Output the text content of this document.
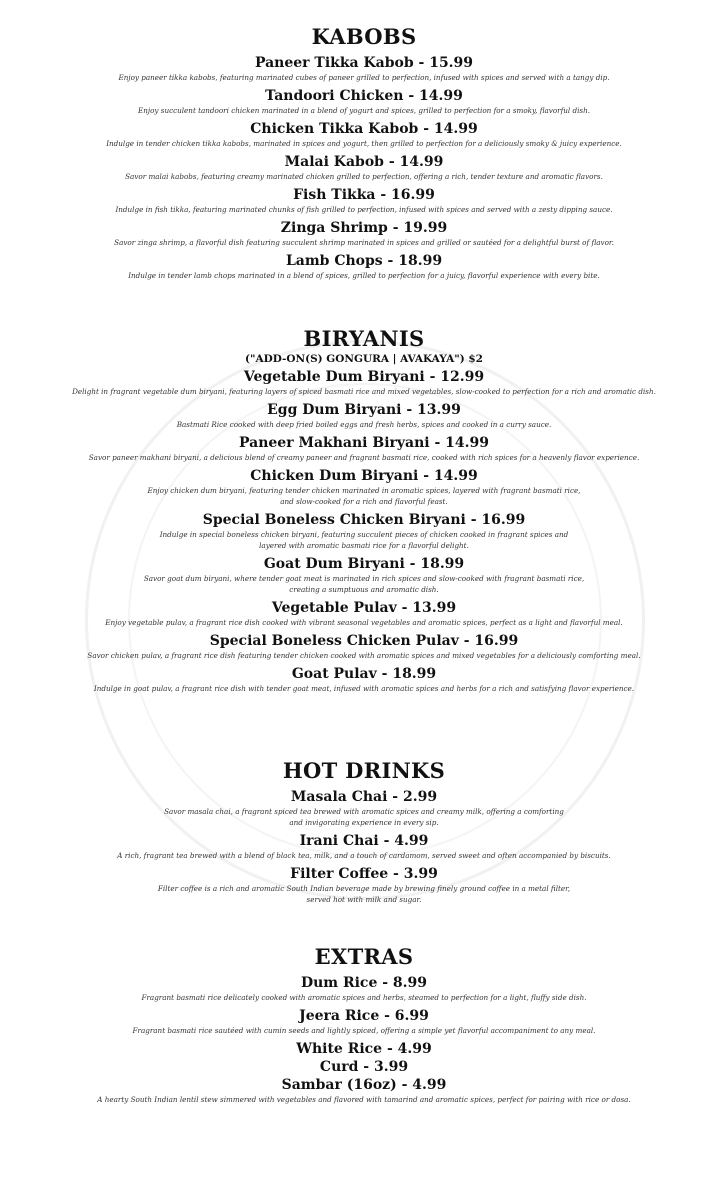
KABOBS
Paneer Tikka Kabob - 15.99
Enjoy paneer tikka kabobs, featuring marinated cubes of paneer grilled to perfection, infused with spices and served with a tangy dip.
Tandoori Chicken - 14.99
Enjoy succulent tandoori chicken marinated in a blend of yogurt and spices, grilled to perfection for a smoky, flavorful dish.
Chicken Tikka Kabob - 14.99
Indulge in tender chicken tikka kabobs, marinated in spices and yogurt, then grilled to perfection for a deliciously smoky & juicy experience.
Malai Kabob - 14.99
Savor malai kabobs, featuring creamy marinated chicken grilled to perfection, offering a rich, tender texture and aromatic flavors.
Fish Tikka - 16.99
Indulge in fish tikka, featuring marinated chunks of fish grilled to perfection, infused with spices and served with a zesty dipping sauce.
Zinga Shrimp - 19.99
Savor zinga shrimp, a flavorful dish featuring succulent shrimp marinated in spices and grilled or sautéed for a delightful burst of flavor.
Lamb Chops - 18.99
Indulge in tender lamb chops marinated in a blend of spices, grilled to perfection for a juicy, flavorful experience with every bite.
BIRYANIS
("ADD-ON(S) GONGURA | AVAKAYA") $2
Vegetable Dum Biryani - 12.99
Delight in fragrant vegetable dum biryani, featuring layers of spiced basmati rice and mixed vegetables, slow-cooked to perfection for a rich and aromatic dish.
Egg Dum Biryani - 13.99
Bastmati Rice cooked with deep fried boiled eggs and fresh herbs, spices and cooked in a curry sauce.
Paneer Makhani Biryani - 14.99
Savor paneer makhani biryani, a delicious blend of creamy paneer and fragrant basmati rice, cooked with rich spices for a heavenly flavor experience.
Chicken Dum Biryani - 14.99
Enjoy chicken dum biryani, featuring tender chicken marinated in aromatic spices, layered with fragrant basmati rice,
and slow-cooked for a rich and flavorful feast.
Special Boneless Chicken Biryani - 16.99
Indulge in special boneless chicken biryani, featuring succulent pieces of chicken cooked in fragrant spices and
layered with aromatic basmati rice for a flavorful delight.
Goat Dum Biryani - 18.99
Savor goat dum biryani, where tender goat meat is marinated in rich spices and slow-cooked with fragrant basmati rice,
creating a sumptuous and aromatic dish.
Vegetable Pulav - 13.99
Enjoy vegetable pulav, a fragrant rice dish cooked with vibrant seasonal vegetables and aromatic spices, perfect as a light and flavorful meal.
Special Boneless Chicken Pulav - 16.99
Savor chicken pulav, a fragrant rice dish featuring tender chicken cooked with aromatic spices and mixed vegetables for a deliciously comforting meal.
Goat Pulav - 18.99
Indulge in goat pulav, a fragrant rice dish with tender goat meat, infused with aromatic spices and herbs for a rich and satisfying flavor experience.
HOT DRINKS
Masala Chai - 2.99
Savor masala chai, a fragrant spiced tea brewed with aromatic spices and creamy milk, offering a comforting
and invigorating experience in every sip.
Irani Chai - 4.99
A rich, fragrant tea brewed with a blend of black tea, milk, and a touch of cardamom, served sweet and often accompanied by biscuits.
Filter Coffee - 3.99
Filter coffee is a rich and aromatic South Indian beverage made by brewing finely ground coffee in a metal filter,
served hot with milk and sugar.
EXTRAS
Dum Rice - 8.99
Fragrant basmati rice delicately cooked with aromatic spices and herbs, steamed to perfection for a light, fluffy side dish.
Jeera Rice - 6.99
Fragrant basmati rice sautéed with cumin seeds and lightly spiced, offering a simple yet flavorful accompaniment to any meal.
White Rice - 4.99
Curd - 3.99
Sambar (16oz) - 4.99
A hearty South Indian lentil stew simmered with vegetables and flavored with tamarind and aromatic spices, perfect for pairing with rice or dosa.
